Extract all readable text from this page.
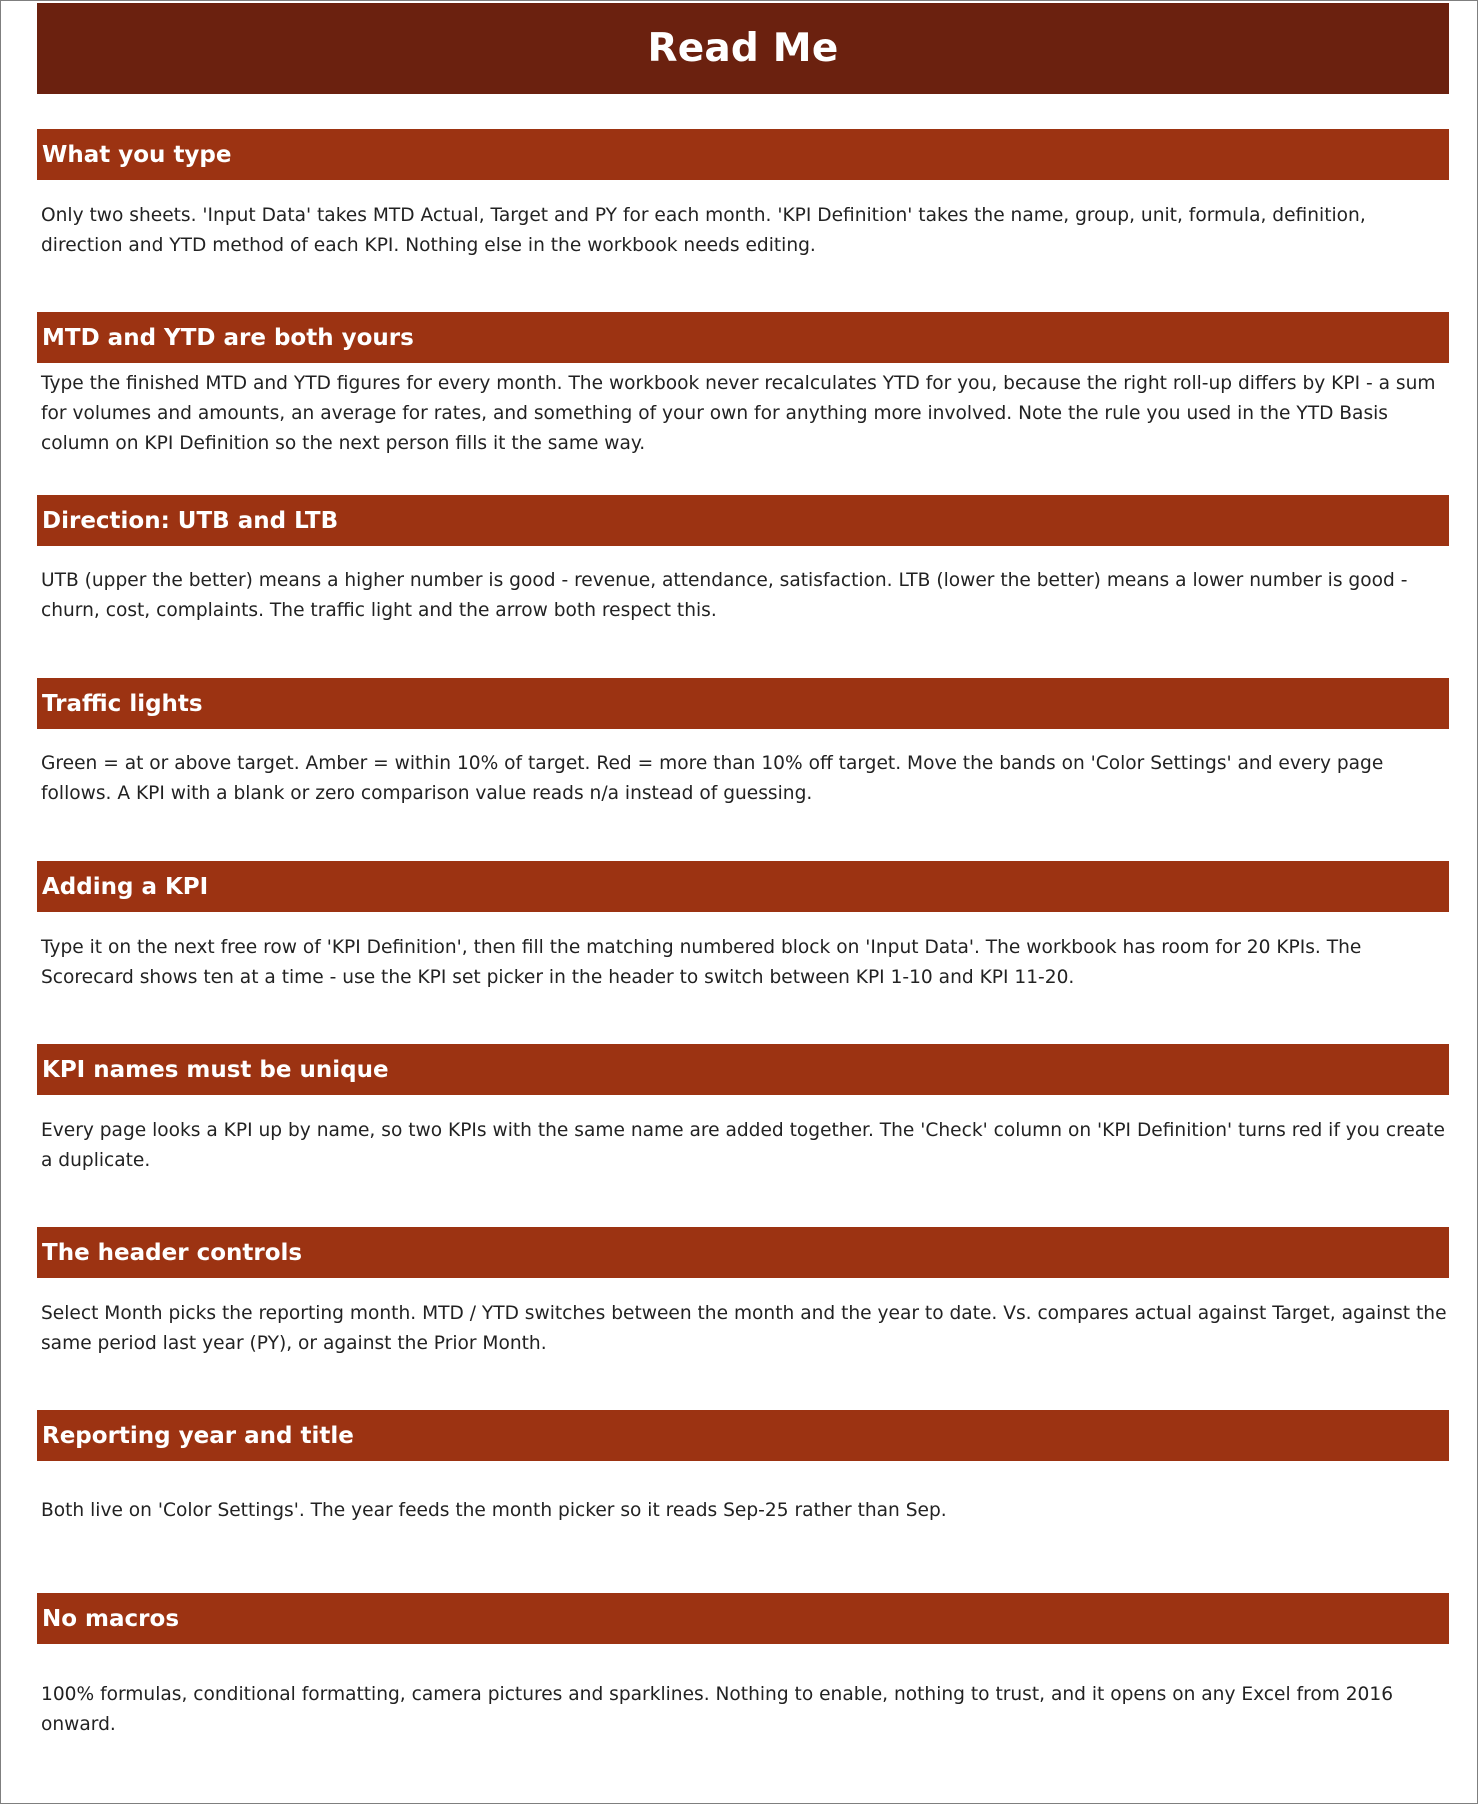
Read Me
What you type

Only two sheets. 'Input Data' takes MTD Actual, Target and PY for each month. 'KPI Definition' takes the name, group, unit, formula, definition, direction and YTD method of each KPI. Nothing else in the workbook needs editing.

MTD and YTD are both yours

Type the finished MTD and YTD figures for every month. The workbook never recalculates YTD for you, because the right roll-up differs by KPI - a sum for volumes and amounts, an average for rates, and something of your own for anything more involved. Note the rule you used in the YTD Basis column on KPI Definition so the next person fills it the same way.

Direction: UTB and LTB

UTB (upper the better) means a higher number is good - revenue, attendance, satisfaction. LTB (lower the better) means a lower number is good - churn, cost, complaints. The traffic light and the arrow both respect this.

Traffic lights

Green = at or above target. Amber = within 10% of target. Red = more than 10% off target. Move the bands on 'Color Settings' and every page follows. A KPI with a blank or zero comparison value reads n/a instead of guessing.

Adding a KPI

Type it on the next free row of 'KPI Definition', then fill the matching numbered block on 'Input Data'. The workbook has room for 20 KPIs. The Scorecard shows ten at a time - use the KPI set picker in the header to switch between KPI 1-10 and KPI 11-20.

KPI names must be unique

Every page looks a KPI up by name, so two KPIs with the same name are added together. The 'Check' column on 'KPI Definition' turns red if you create a duplicate.

The header controls

Select Month picks the reporting month. MTD / YTD switches between the month and the year to date. Vs. compares actual against Target, against the same period last year (PY), or against the Prior Month.

Reporting year and title

Both live on 'Color Settings'. The year feeds the month picker so it reads Sep-25 rather than Sep.

No macros

100% formulas, conditional formatting, camera pictures and sparklines. Nothing to enable, nothing to trust, and it opens on any Excel from 2016 onward.
